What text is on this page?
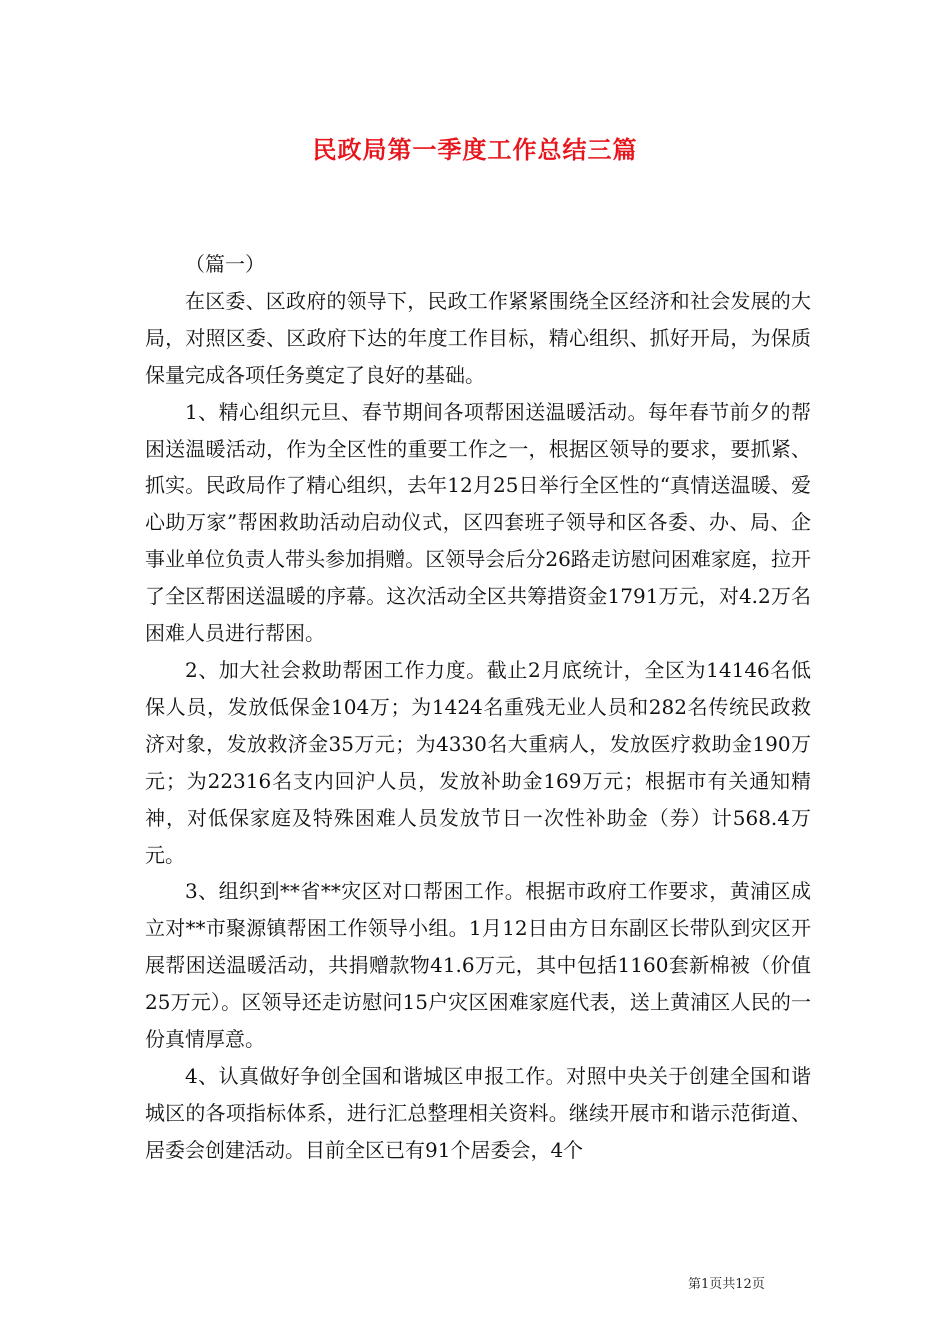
民政局第一季度工作总结三篇

（篇一）

在区委、区政府的领导下，民政工作紧紧围绕全区经济和社会发展的大局，对照区委、区政府下达的年度工作目标，精心组织、抓好开局，为保质保量完成各项任务奠定了良好的基础。

1、精心组织元旦、春节期间各项帮困送温暖活动。每年春节前夕的帮困送温暖活动，作为全区性的重要工作之一，根据区领导的要求，要抓紧、抓实。民政局作了精心组织，去年12月25日举行全区性的“真情送温暖、爱心助万家”帮困救助活动启动仪式，区四套班子领导和区各委、办、局、企事业单位负责人带头参加捐赠。区领导会后分26路走访慰问困难家庭，拉开了全区帮困送温暖的序幕。这次活动全区共筹措资金1791万元，对4.2万名困难人员进行帮困。

2、加大社会救助帮困工作力度。截止2月底统计，全区为14146名低保人员，发放低保金104万；为1424名重残无业人员和282名传统民政救济对象，发放救济金35万元；为4330名大重病人，发放医疗救助金190万元；为22316名支内回沪人员，发放补助金169万元；根据市有关通知精神，对低保家庭及特殊困难人员发放节日一次性补助金（券）计568.4万元。

3、组织到**省**灾区对口帮困工作。根据市政府工作要求，黄浦区成立对**市聚源镇帮困工作领导小组。1月12日由方日东副区长带队到灾区开展帮困送温暖活动，共捐赠款物41.6万元，其中包括1160套新棉被（价值25万元）。区领导还走访慰问15户灾区困难家庭代表，送上黄浦区人民的一份真情厚意。

4、认真做好争创全国和谐城区申报工作。对照中央关于创建全国和谐城区的各项指标体系，进行汇总整理相关资料。继续开展市和谐示范街道、居委会创建活动。目前全区已有91个居委会，4个

第1页共12页
